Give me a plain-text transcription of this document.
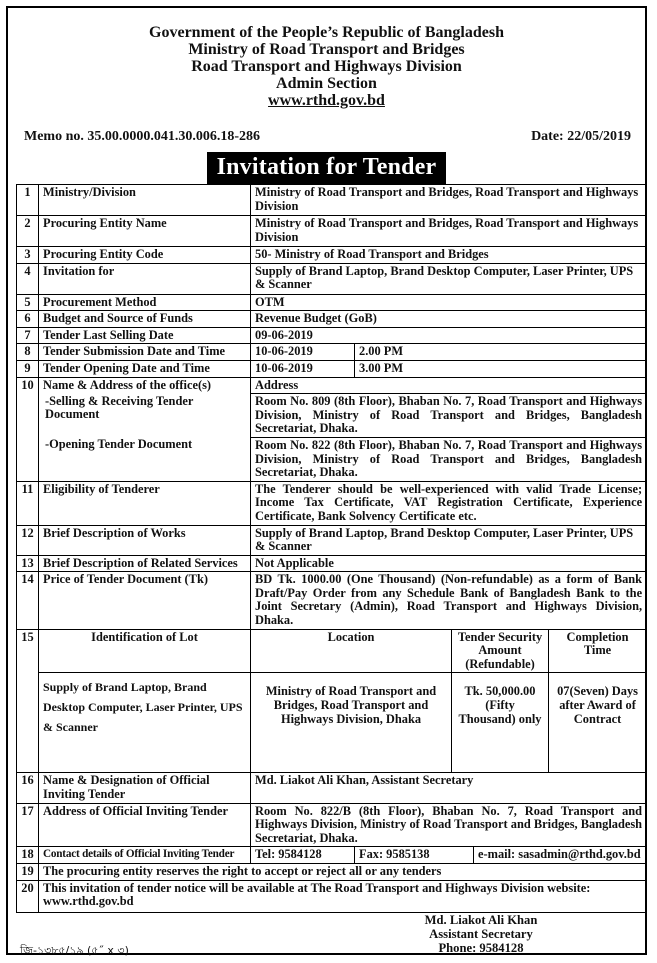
Government of the People’s Republic of Bangladesh
Ministry of Road Transport and Bridges
Road Transport and Highways Division
Admin Section
www.rthd.gov.bd
Memo no. 35.00.0000.041.30.006.18-286	Date: 22/05/2019
Invitation for Tender
1	Ministry/Division	Ministry of Road Transport and Bridges, Road Transport and Highways Division				
2	Procuring Entity Name	Ministry of Road Transport and Bridges, Road Transport and Highways Division				
3	Procuring Entity Code	50- Ministry of Road Transport and Bridges				
4	Invitation for	Supply of Brand Laptop, Brand Desktop Computer, Laser Printer, UPS & Scanner				
5	Procurement Method	OTM				
6	Budget and Source of Funds	Revenue Budget (GoB)				
7	Tender Last Selling Date	09-06-2019				
8	Tender Submission Date and Time	10-06-2019	2.00 PM			
9	Tender Opening Date and Time	10-06-2019	3.00 PM			
10	Name & Address of the office(s)	Address				
	-Selling & Receiving Tender Document	Room No. 809 (8th Floor), Bhaban No. 7, Road Transport and Highways Division, Ministry of Road Transport and Bridges, Bangladesh Secretariat, Dhaka.				
	-Opening Tender Document	Room No. 822 (8th Floor), Bhaban No. 7, Road Transport and Highways Division, Ministry of Road Transport and Bridges, Bangladesh Secretariat, Dhaka.				
11	Eligibility of Tenderer	The Tenderer should be well-experienced with valid Trade License; Income Tax Certificate, VAT Registration Certificate, Experience Certificate, Bank Solvency Certificate etc.				
12	Brief Description of Works	Supply of Brand Laptop, Brand Desktop Computer, Laser Printer, UPS & Scanner				
13	Brief Description of Related Services	Not Applicable				
14	Price of Tender Document (Tk)	BD Tk. 1000.00 (One Thousand) (Non-refundable) as a form of Bank Draft/Pay Order from any Schedule Bank of Bangladesh Bank to the Joint Secretary (Admin), Road Transport and Highways Division, Dhaka.				
15	Identification of Lot	Location		Tender Security Amount (Refundable)		Completion Time
	Supply of Brand Laptop, Brand Desktop Computer, Laser Printer, UPS & Scanner	Ministry of Road Transport and Bridges, Road Transport and Highways Division, Dhaka		Tk. 50,000.00 (Fifty Thousand) only		07(Seven) Days after Award of Contract
16	Name & Designation of Official Inviting Tender	Md. Liakot Ali Khan, Assistant Secretary				
17	Address of Official Inviting Tender	Room No. 822/B (8th Floor), Bhaban No. 7, Road Transport and Highways Division, Ministry of Road Transport and Bridges, Bangladesh Secretariat, Dhaka.				
18	Contact details of Official Inviting Tender	Tel: 9584128	Fax: 9585138		e-mail: sasadmin@rthd.gov.bd	
19	The procuring entity reserves the right to accept or reject all or any tenders					
20	This invitation of tender notice will be available at The Road Transport and Highways Division website: www.rthd.gov.bd					
Md. Liakot Ali Khan
Assistant Secretary
Phone: 9584128
জি-১৩৮৫/১৯ (৫˝ x ৩)
